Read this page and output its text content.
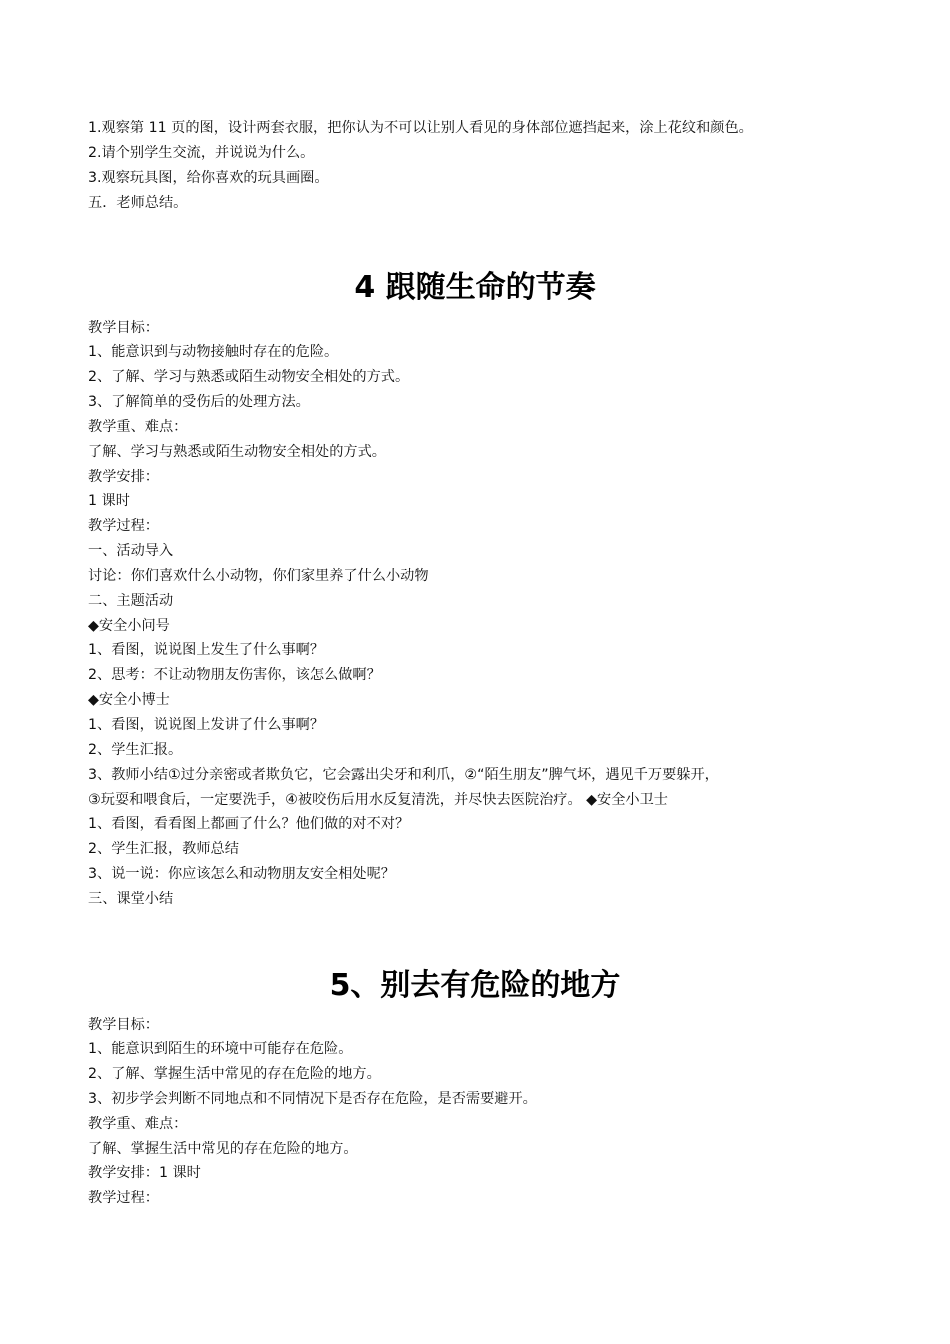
1.观察第 11 页的图，设计两套衣服，把你认为不可以让别人看见的身体部位遮挡起来，涂上花纹和颜色。
2.请个别学生交流，并说说为什么。
3.观察玩具图，给你喜欢的玩具画圈。
五．老师总结。
4 跟随生命的节奏
教学目标：
1、能意识到与动物接触时存在的危险。
2、了解、学习与熟悉或陌生动物安全相处的方式。
3、了解简单的受伤后的处理方法。
教学重、难点：
了解、学习与熟悉或陌生动物安全相处的方式。
教学安排：
1 课时
教学过程：
一、活动导入
讨论：你们喜欢什么小动物，你们家里养了什么小动物
二、主题活动
◆安全小问号
1、看图，说说图上发生了什么事啊？
2、思考：不让动物朋友伤害你，该怎么做啊？
◆安全小博士
1、看图，说说图上发讲了什么事啊？
2、学生汇报。
3、教师小结①过分亲密或者欺负它，它会露出尖牙和利爪，②“陌生朋友”脾气坏，遇见千万要躲开，
③玩耍和喂食后，一定要洗手，④被咬伤后用水反复清洗，并尽快去医院治疗。 ◆安全小卫士
1、看图，看看图上都画了什么？他们做的对不对？
2、学生汇报，教师总结
3、说一说：你应该怎么和动物朋友安全相处呢？
三、课堂小结
5、别去有危险的地方
教学目标：
1、能意识到陌生的环境中可能存在危险。
2、了解、掌握生活中常见的存在危险的地方。
3、初步学会判断不同地点和不同情况下是否存在危险，是否需要避开。
教学重、难点：
了解、掌握生活中常见的存在危险的地方。
教学安排：1 课时
教学过程：
